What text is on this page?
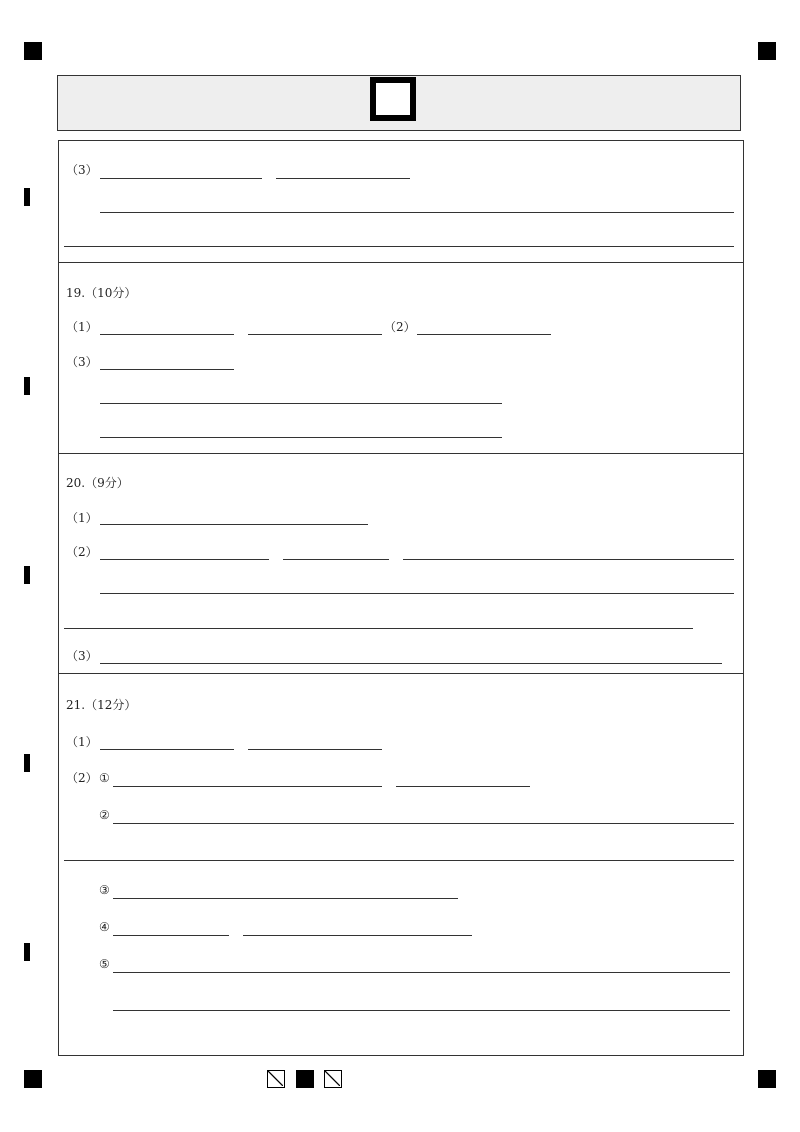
（3）
19.（10分）
（1）	（2）
（3）
20.（9分）
（1）
（2）
（3）
21.（12分）
（1）
（2） ①
②
③
④
⑤
